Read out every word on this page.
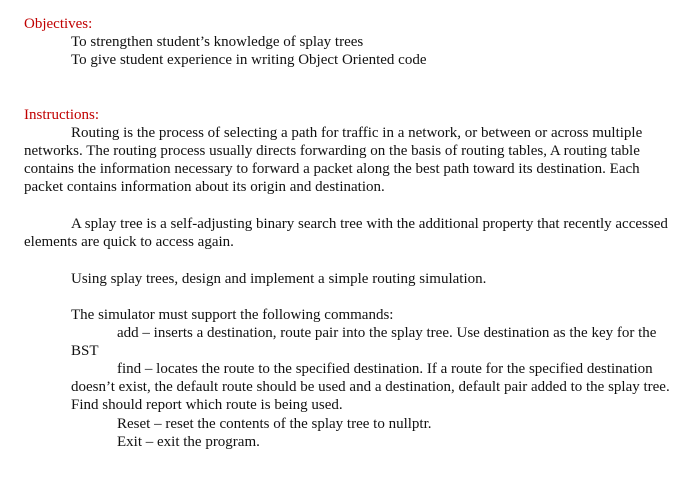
Objectives:
To strengthen student’s knowledge of splay trees
To give student experience in writing Object Oriented code
Instructions:
Routing is the process of selecting a path for traffic in a network, or between or across multiple networks. The routing process usually directs forwarding on the basis of routing tables, A routing table contains the information necessary to forward a packet along the best path toward its destination. Each packet contains information about its origin and destination.
A splay tree is a self-adjusting binary search tree with the additional property that recently accessed elements are quick to access again.
Using splay trees, design and implement a simple routing simulation.
The simulator must support the following commands:
add – inserts a destination, route pair into the splay tree. Use destination as the key for the BST
find – locates the route to the specified destination. If a route for the specified destination doesn’t exist, the default route should be used and a destination, default pair added to the splay tree. Find should report which route is being used.
Reset – reset the contents of the splay tree to nullptr.
Exit – exit the program.
